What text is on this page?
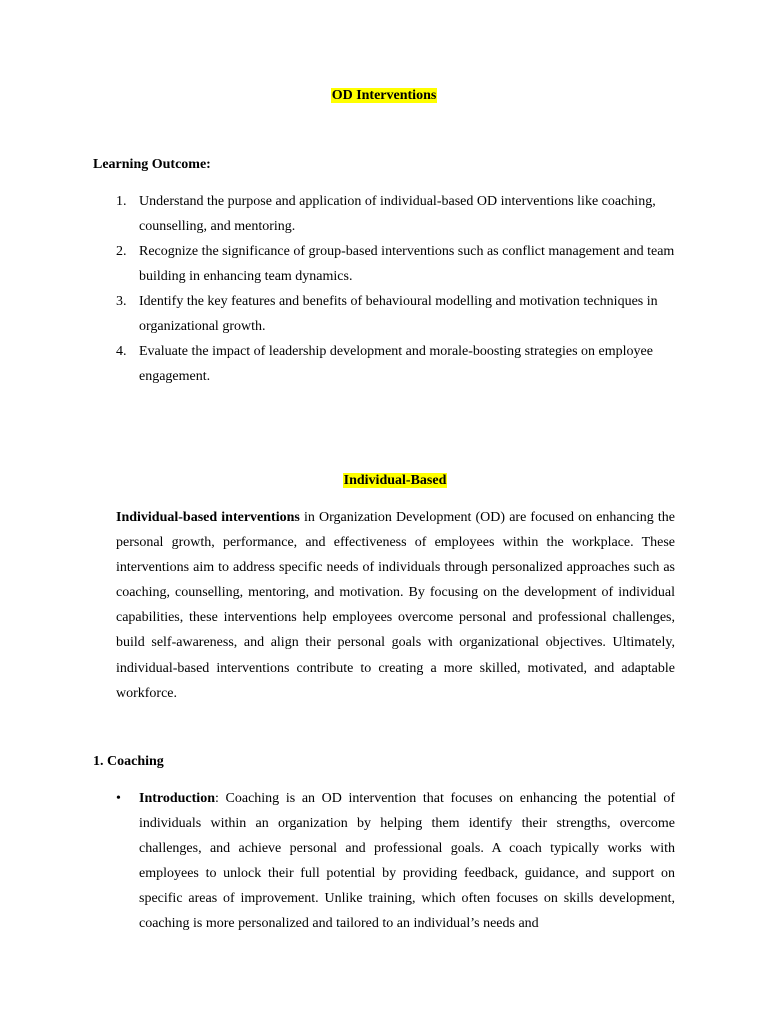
OD Interventions
Learning Outcome:
1. Understand the purpose and application of individual-based OD interventions like coaching, counselling, and mentoring.
2. Recognize the significance of group-based interventions such as conflict management and team building in enhancing team dynamics.
3. Identify the key features and benefits of behavioural modelling and motivation techniques in organizational growth.
4. Evaluate the impact of leadership development and morale-boosting strategies on employee engagement.
Individual-Based

Individual-based interventions in Organization Development (OD) are focused on enhancing the personal growth, performance, and effectiveness of employees within the workplace. These interventions aim to address specific needs of individuals through personalized approaches such as coaching, counselling, mentoring, and motivation. By focusing on the development of individual capabilities, these interventions help employees overcome personal and professional challenges, build self-awareness, and align their personal goals with organizational objectives. Ultimately, individual-based interventions contribute to creating a more skilled, motivated, and adaptable workforce.

1. Coaching
• Introduction: Coaching is an OD intervention that focuses on enhancing the potential of individuals within an organization by helping them identify their strengths, overcome challenges, and achieve personal and professional goals. A coach typically works with employees to unlock their full potential by providing feedback, guidance, and support on specific areas of improvement. Unlike training, which often focuses on skills development, coaching is more personalized and tailored to an individual’s needs and
